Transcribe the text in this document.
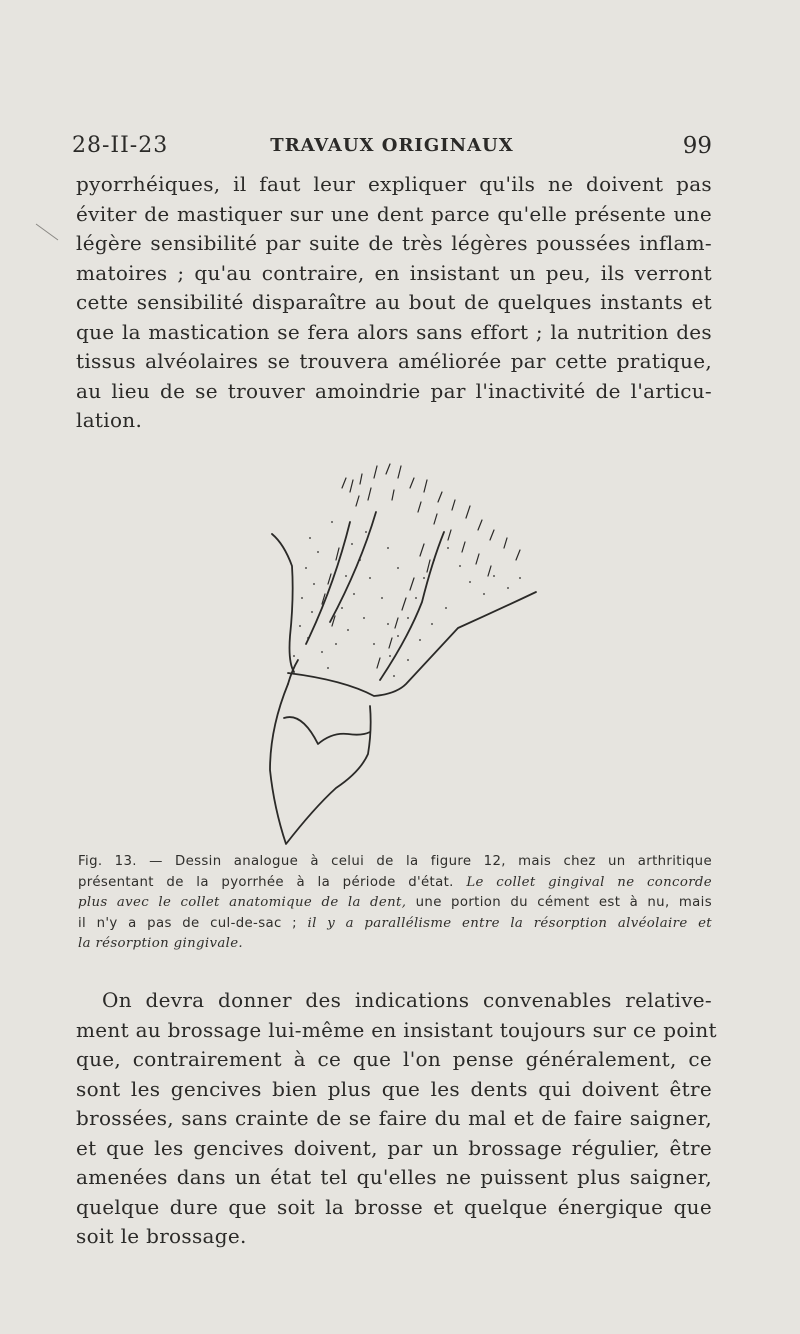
28-II-23	TRAVAUX ORIGINAUX	99
pyorrhéiques, il faut leur expliquer qu'ils ne doivent pas
éviter de mastiquer sur une dent parce qu'elle présente une
légère sensibilité par suite de très légères poussées inflam-
matoires ; qu'au contraire, en insistant un peu, ils verront
cette sensibilité disparaître au bout de quelques instants et
que la mastication se fera alors sans effort ; la nutrition des
tissus alvéolaires se trouvera améliorée par cette pratique,
au lieu de se trouver amoindrie par l'inactivité de l'articu-
lation.
Fig. 13. — Dessin analogue à celui de la figure 12, mais chez un arthritique
présentant de la pyorrhée à la période d'état. Le collet gingival ne concorde
plus avec le collet anatomique de la dent, une portion du cément est à nu, mais
il n'y a pas de cul-de-sac ; il y a parallélisme entre la résorption alvéolaire et
la résorption gingivale.
On devra donner des indications convenables relative-
ment au brossage lui-même en insistant toujours sur ce point
que, contrairement à ce que l'on pense généralement, ce
sont les gencives bien plus que les dents qui doivent être
brossées, sans crainte de se faire du mal et de faire saigner,
et que les gencives doivent, par un brossage régulier, être
amenées dans un état tel qu'elles ne puissent plus saigner,
quelque dure que soit la brosse et quelque énergique que
soit le brossage.
